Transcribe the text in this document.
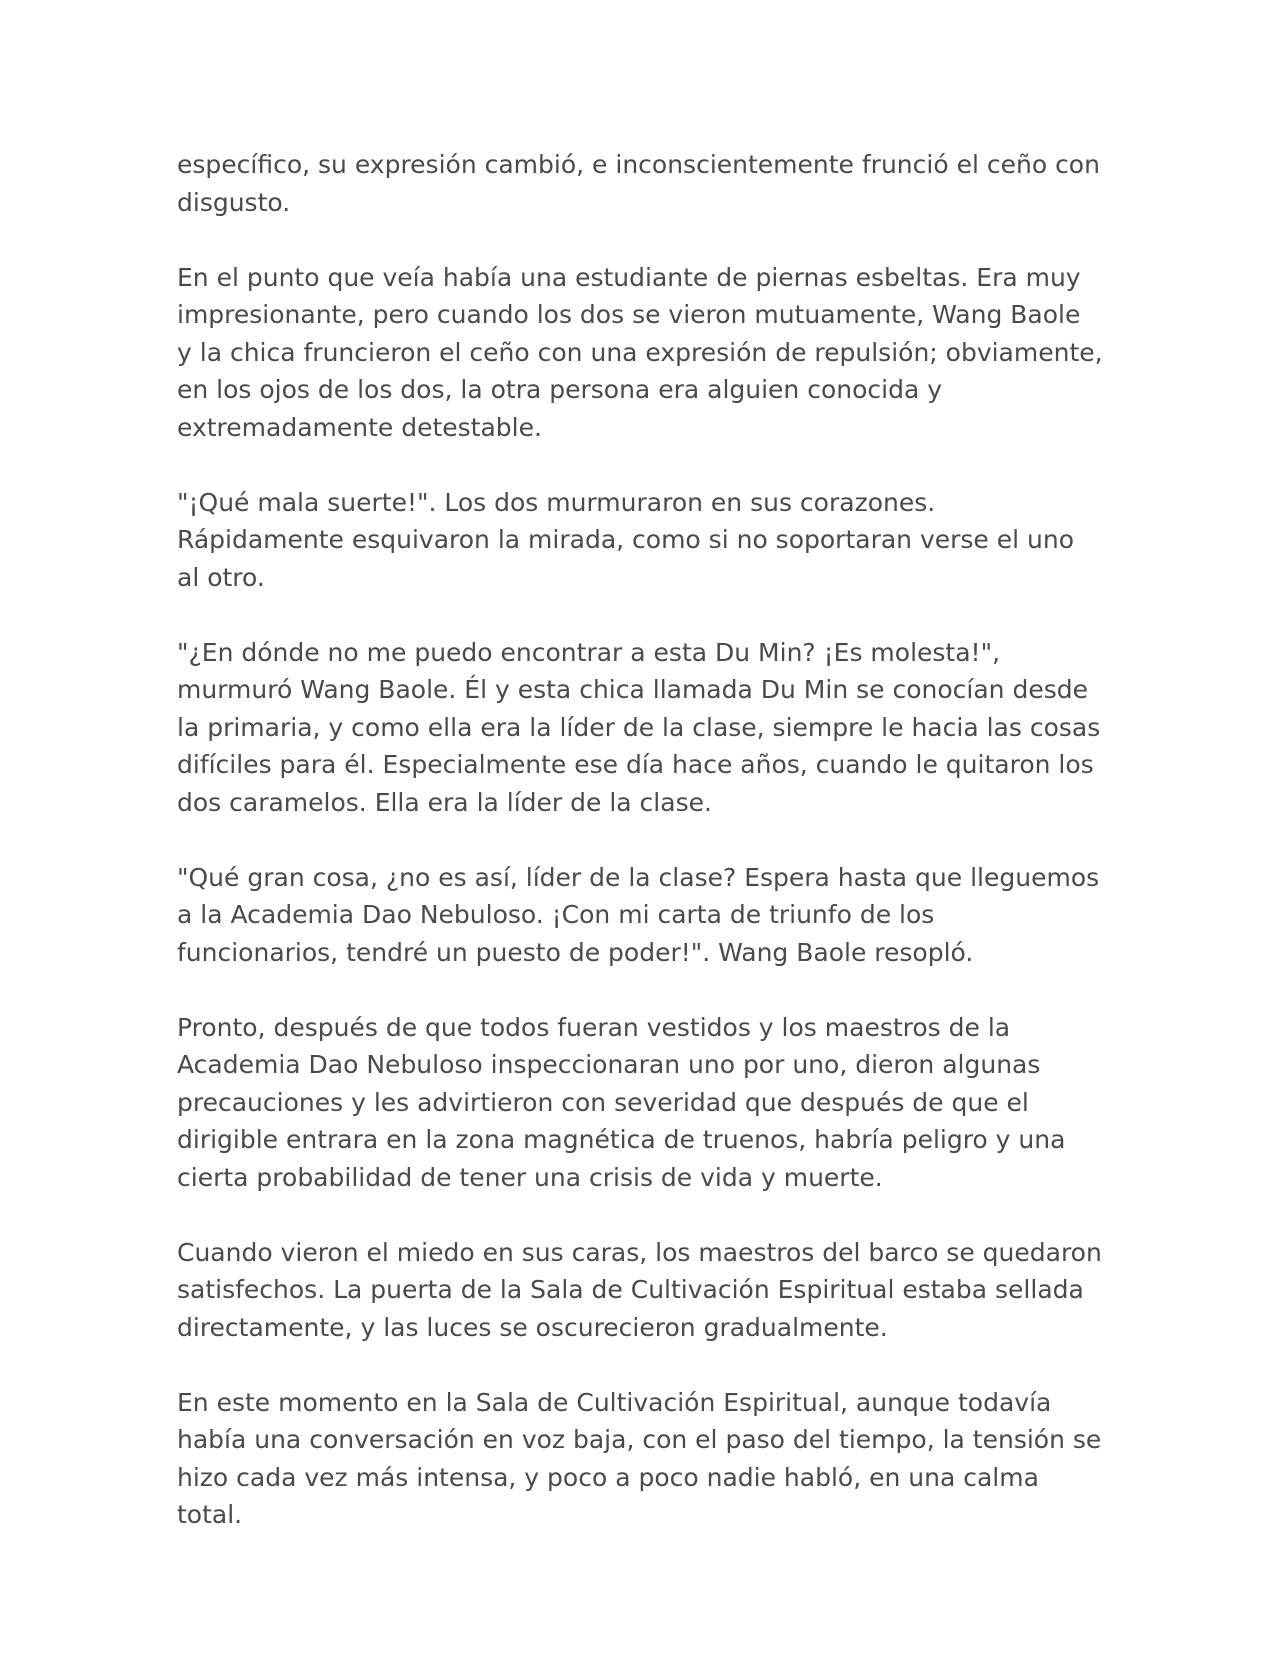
específico, su expresión cambió, e inconscientemente frunció el ceño con disgusto.

En el punto que veía había una estudiante de piernas esbeltas. Era muy impresionante, pero cuando los dos se vieron mutuamente, Wang Baole y la chica fruncieron el ceño con una expresión de repulsión; obviamente, en los ojos de los dos, la otra persona era alguien conocida y extremadamente detestable.

"¡Qué mala suerte!". Los dos murmuraron en sus corazones. Rápidamente esquivaron la mirada, como si no soportaran verse el uno al otro.

"¿En dónde no me puedo encontrar a esta Du Min? ¡Es molesta!", murmuró Wang Baole. Él y esta chica llamada Du Min se conocían desde la primaria, y como ella era la líder de la clase, siempre le hacia las cosas difíciles para él. Especialmente ese día hace años, cuando le quitaron los dos caramelos. Ella era la líder de la clase.

"Qué gran cosa, ¿no es así, líder de la clase? Espera hasta que lleguemos a la Academia Dao Nebuloso. ¡Con mi carta de triunfo de los funcionarios, tendré un puesto de poder!". Wang Baole resopló.

Pronto, después de que todos fueran vestidos y los maestros de la Academia Dao Nebuloso inspeccionaran uno por uno, dieron algunas precauciones y les advirtieron con severidad que después de que el dirigible entrara en la zona magnética de truenos, habría peligro y una cierta probabilidad de tener una crisis de vida y muerte.

Cuando vieron el miedo en sus caras, los maestros del barco se quedaron satisfechos. La puerta de la Sala de Cultivación Espiritual estaba sellada directamente, y las luces se oscurecieron gradualmente.

En este momento en la Sala de Cultivación Espiritual, aunque todavía había una conversación en voz baja, con el paso del tiempo, la tensión se hizo cada vez más intensa, y poco a poco nadie habló, en una calma total.
